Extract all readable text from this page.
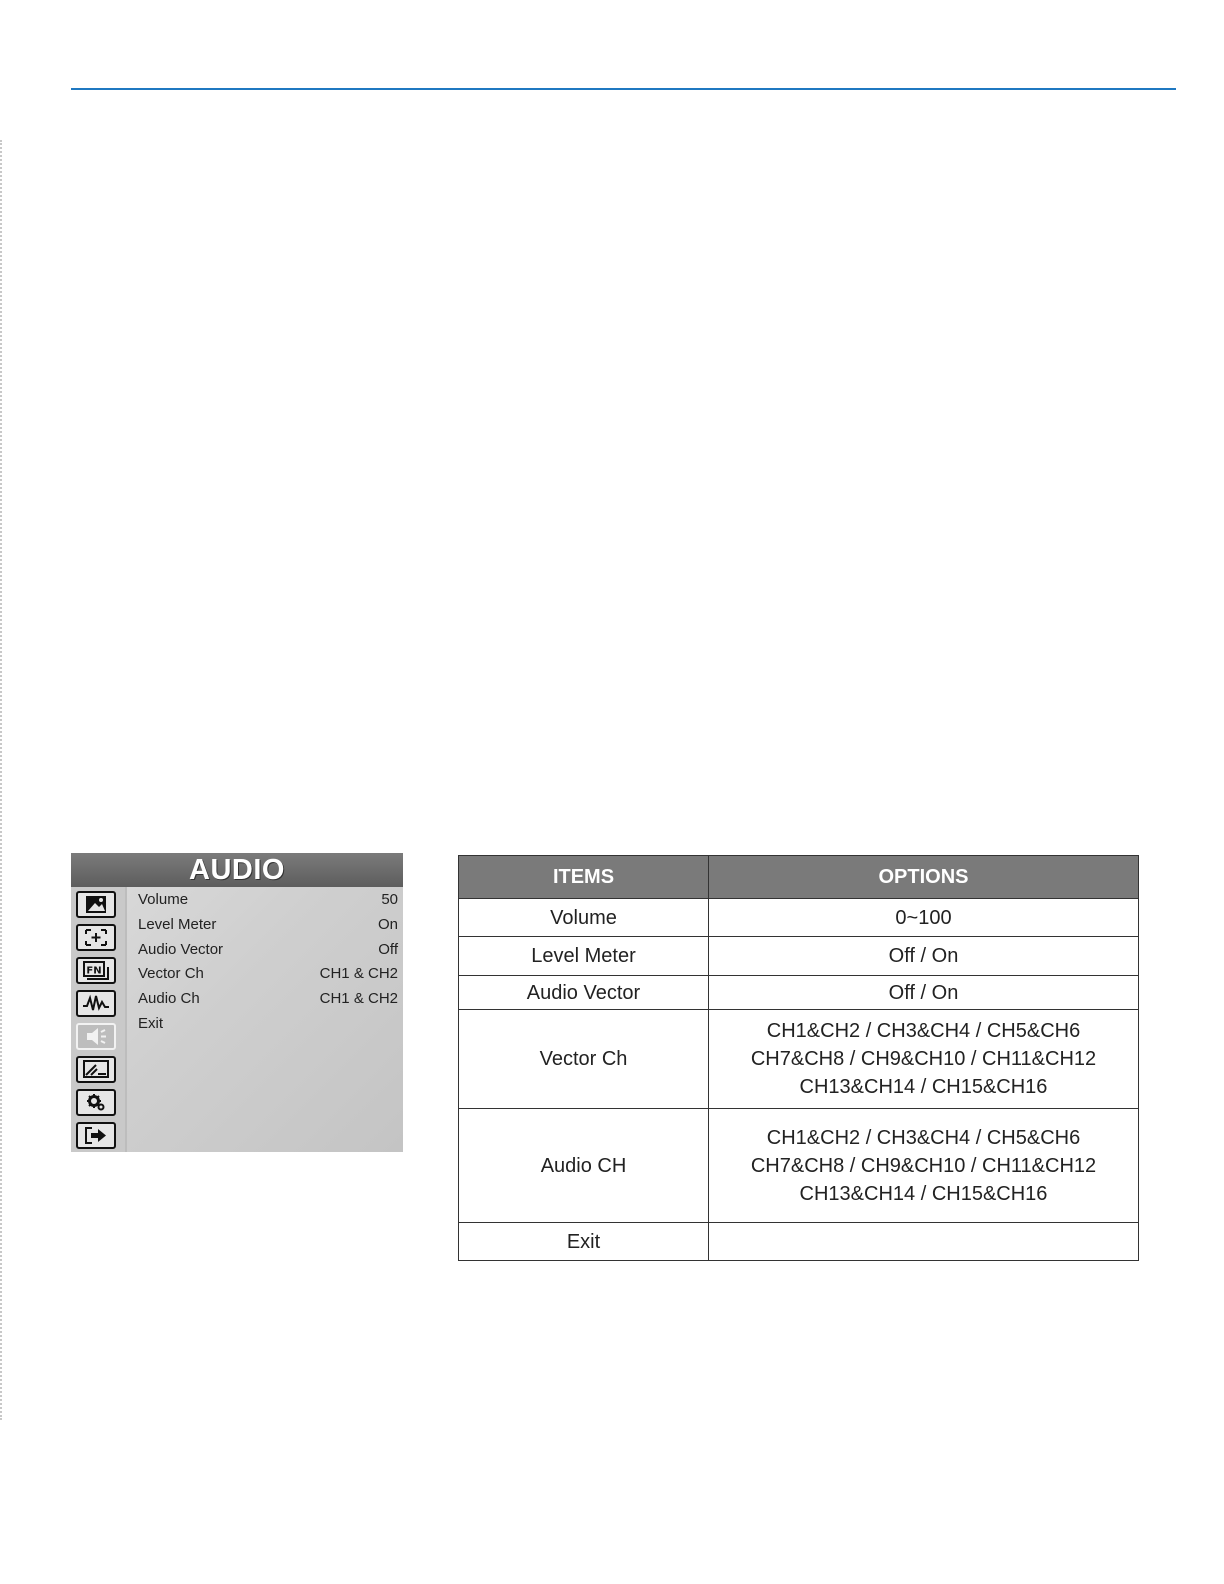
AUDIO
FN
Volume	50
Level Meter	On
Audio Vector	Off
Vector Ch	CH1 & CH2
Audio Ch	CH1 & CH2
Exit
ITEMS	OPTIONS
Volume	0~100
Level Meter	Off / On
Audio Vector	Off / On
Vector Ch	CH1&CH2 / CH3&CH4 / CH5&CH6
CH7&CH8 / CH9&CH10 / CH11&CH12
CH13&CH14 / CH15&CH16

Audio CH	CH1&CH2 / CH3&CH4 / CH5&CH6
CH7&CH8 / CH9&CH10 / CH11&CH12
CH13&CH14 / CH15&CH16

Exit	
